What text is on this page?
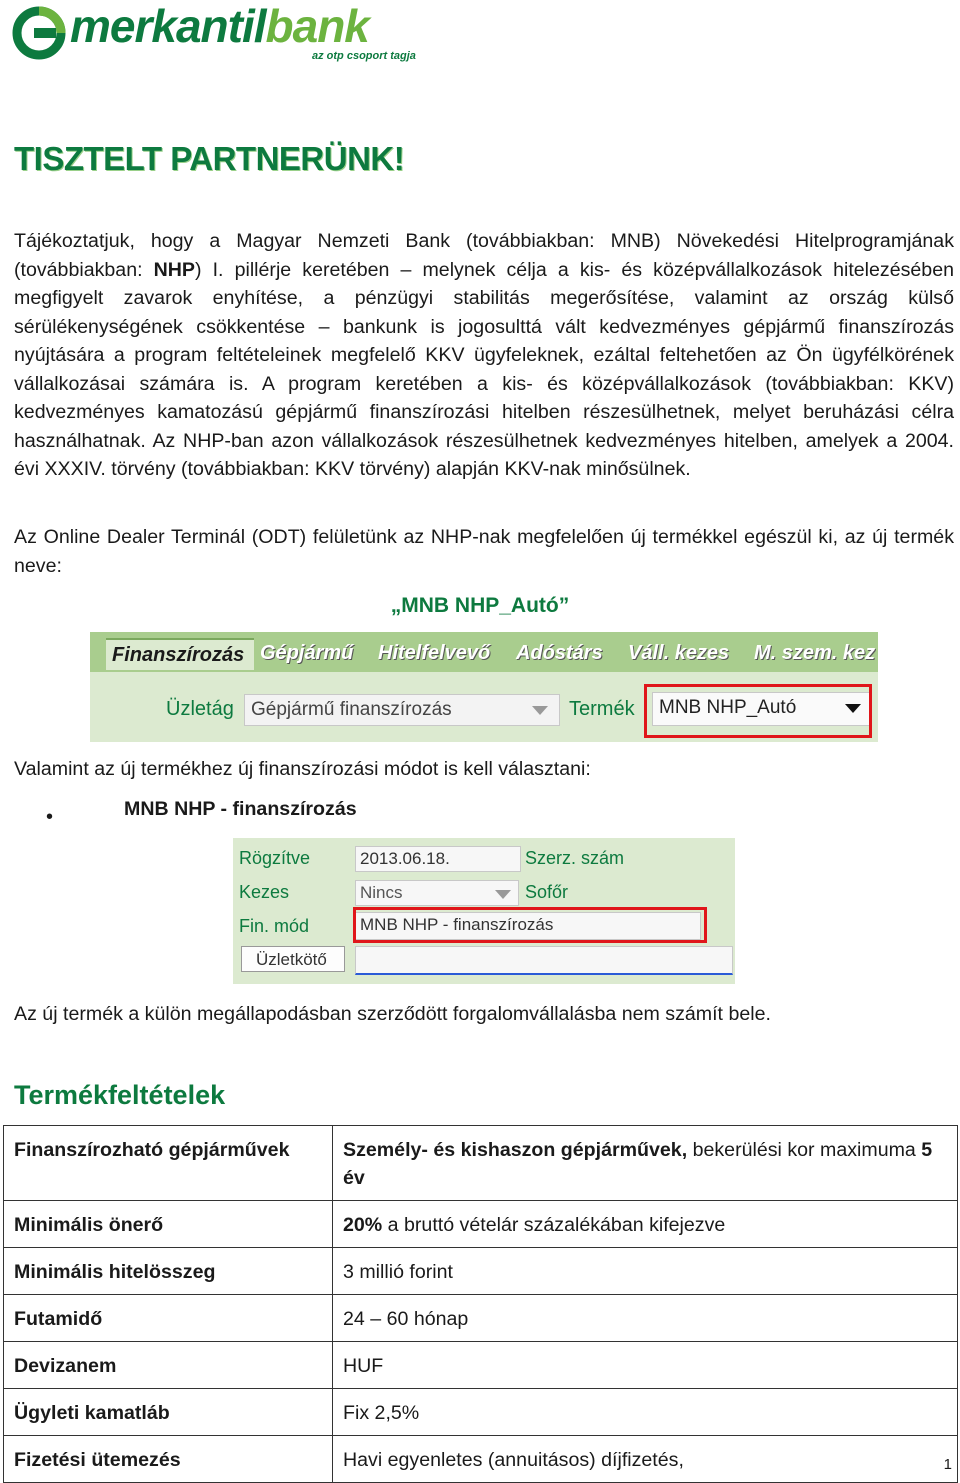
merkantilbank
az otp csoport tagja
TISZTELT PARTNERÜNK!

Tájékoztatjuk, hogy a Magyar Nemzeti Bank (továbbiakban: MNB) Növekedési Hitelprogramjának (továbbiakban: NHP) I. pillérje keretében – melynek célja a kis- és középvállalkozások hitelezésében megfigyelt zavarok enyhítése, a pénzügyi stabilitás megerősítése, valamint az ország külső sérülékenységének csökkentése – bankunk is jogosulttá vált kedvezményes gépjármű finanszírozás nyújtására a program feltételeinek megfelelő KKV ügyfeleknek, ezáltal feltehetően az Ön ügyfélkörének vállalkozásai számára is. A program keretében a kis- és középvállalkozások (továbbiakban: KKV) kedvezményes kamatozású gépjármű finanszírozási hitelben részesülhetnek, melyet beruházási célra használhatnak. Az NHP-ban azon vállalkozások részesülhetnek kedvezményes hitelben, amelyek a 2004. évi XXXIV. törvény (továbbiakban: KKV törvény) alapján KKV-nak minősülnek.

Az Online Dealer Terminál (ODT) felületünk az NHP-nak megfelelően új termékkel egészül ki, az új termék neve:

„MNB NHP_Autó”
Finanszírozás Gépjármű	Hitelfelvevő	Adóstárs	Váll. kezes	M. szem. kez
Üzletág Gépjármű finanszírozás	Termék	MNB NHP_Autó

Valamint az új termékhez új finanszírozási módot is kell választani:

•	MNB NHP - finanszírozás
Rögzítve	2013.06.18.	Szerz. szám
Kezes	Nincs	Sofőr
Fin. mód	MNB NHP - finanszírozás
Üzletkötő

Az új termék a külön megállapodásban szerződött forgalomvállalásba nem számít bele.

Termékfeltételek
Finanszírozható gépjárművek	Személy- és kishaszon gépjárművek, bekerülési kor maximuma 5 év
Minimális önerő	20% a bruttó vételár százalékában kifejezve
Minimális hitelösszeg	3 millió forint
Futamidő	24 – 60 hónap
Devizanem	HUF
Ügyleti kamatláb	Fix 2,5%
Fizetési ütemezés	Havi egyenletes (annuitásos) díjfizetés,	1
